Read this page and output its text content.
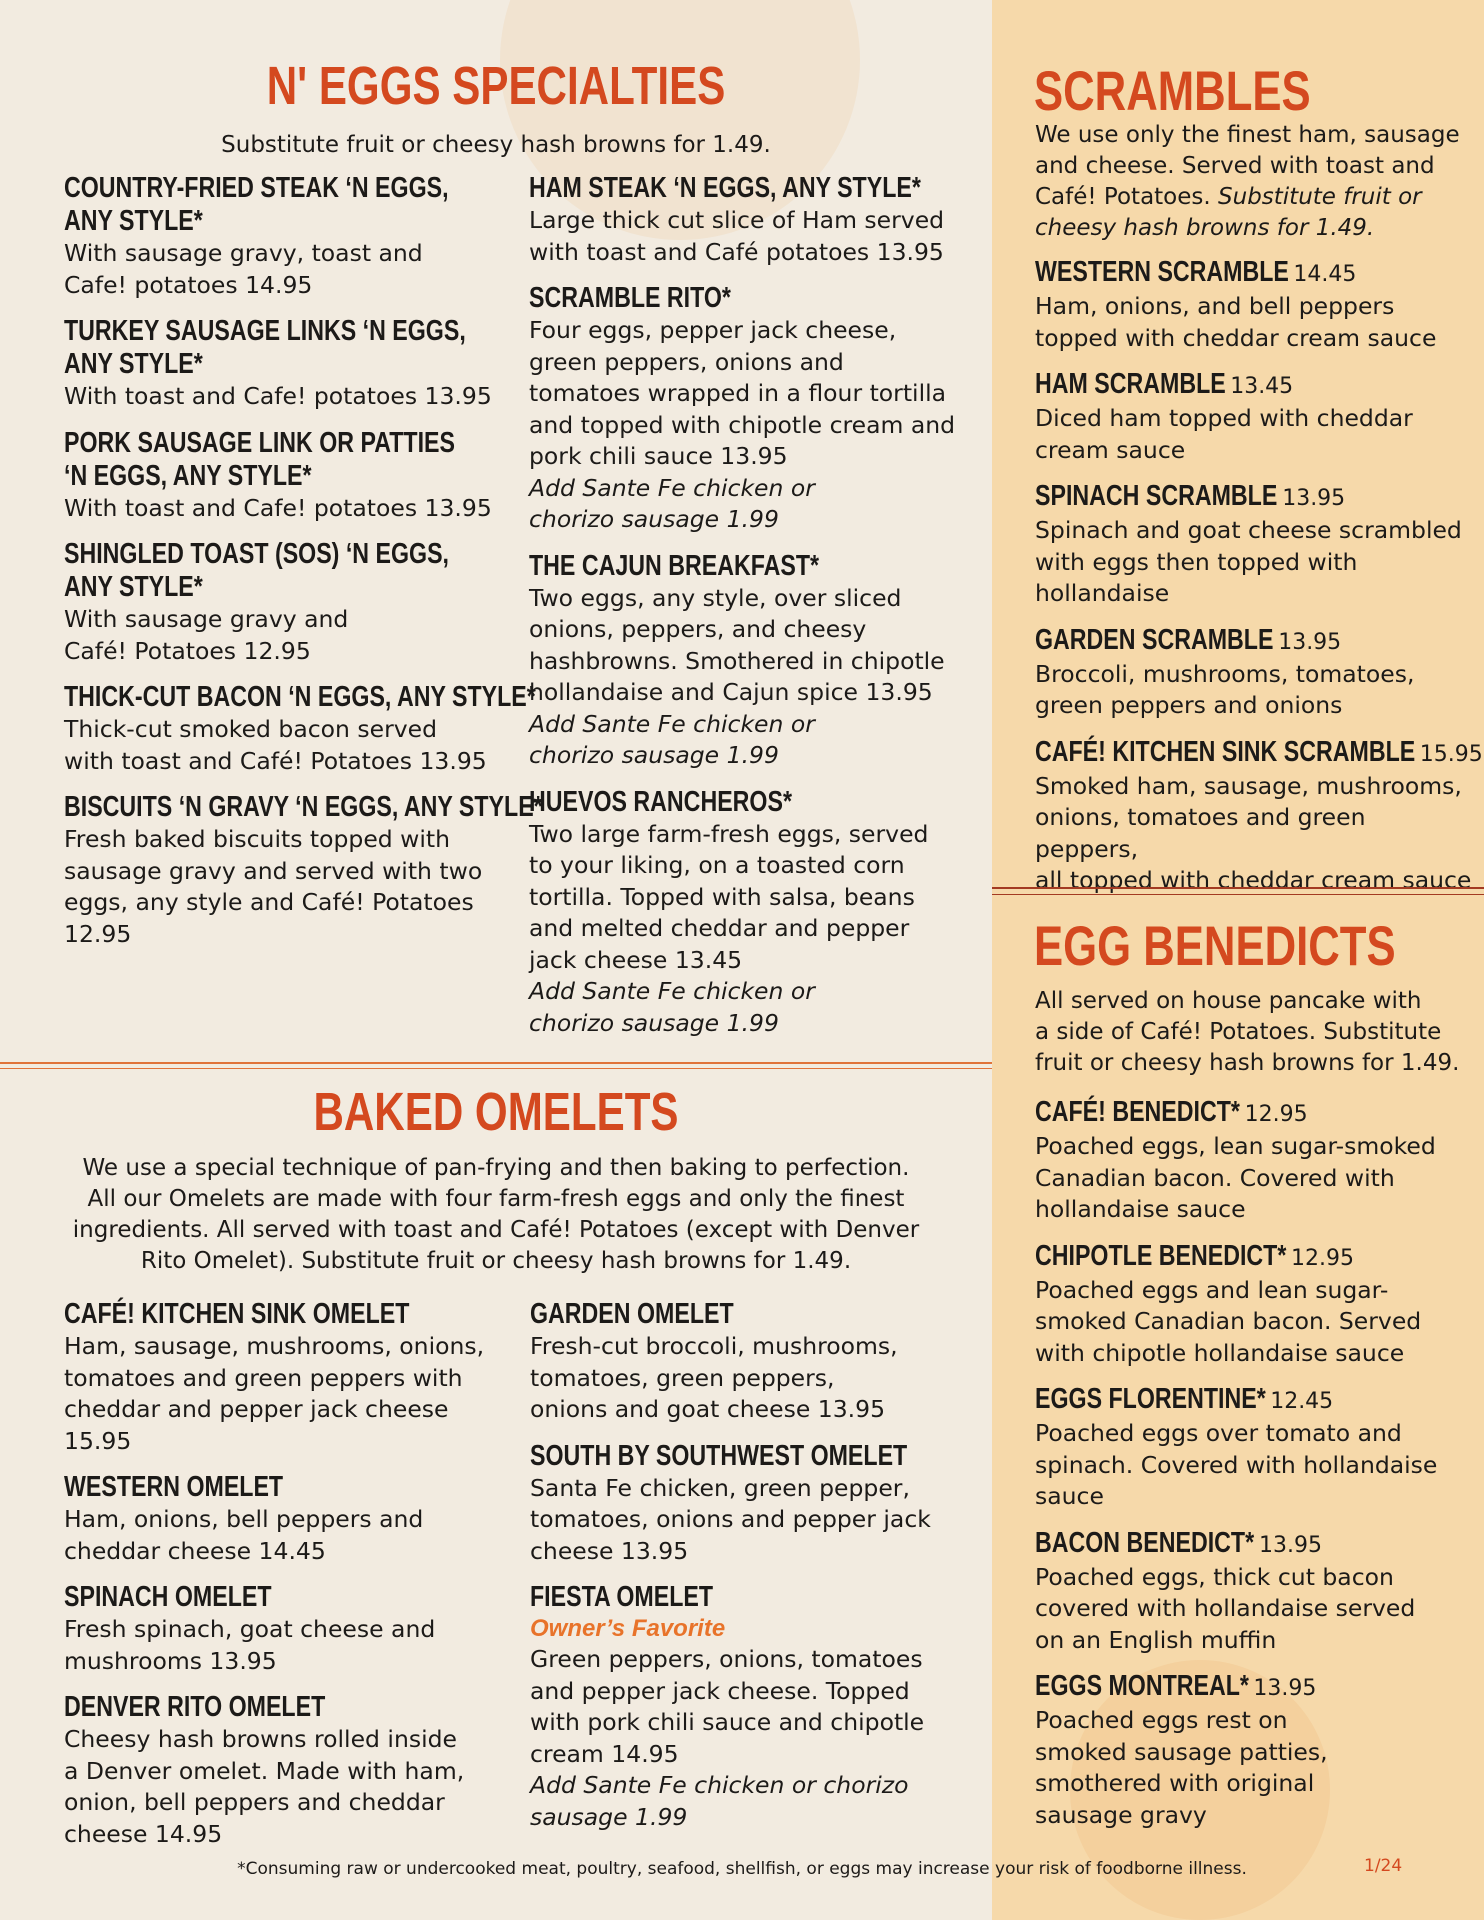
N' EGGS SPECIALTIES
Substitute fruit or cheesy hash browns for 1.49.
COUNTRY-FRIED STEAK ‘N EGGS,ANY STYLE*
With sausage gravy, toast and
Cafe! potatoes 14.95
TURKEY SAUSAGE LINKS ‘N EGGS,ANY STYLE*
With toast and Cafe! potatoes 13.95
PORK SAUSAGE LINK OR PATTIES‘N EGGS, ANY STYLE*
With toast and Cafe! potatoes 13.95
SHINGLED TOAST (SOS) ‘N EGGS,ANY STYLE*
With sausage gravy and
Café! Potatoes 12.95
THICK-CUT BACON ‘N EGGS, ANY STYLE*
Thick-cut smoked bacon served
with toast and Café! Potatoes 13.95
BISCUITS ‘N GRAVY ‘N EGGS, ANY STYLE*
Fresh baked biscuits topped with
sausage gravy and served with two
eggs, any style and Café! Potatoes
12.95
HAM STEAK ‘N EGGS, ANY STYLE*
Large thick cut slice of Ham served
with toast and Café potatoes 13.95
SCRAMBLE RITO*
Four eggs, pepper jack cheese,
green peppers, onions and
tomatoes wrapped in a flour tortilla
and topped with chipotle cream and
pork chili sauce 13.95
Add Sante Fe chicken or
chorizo sausage 1.99
THE CAJUN BREAKFAST*
Two eggs, any style, over sliced
onions, peppers, and cheesy
hashbrowns. Smothered in chipotle
hollandaise and Cajun spice 13.95
Add Sante Fe chicken or
chorizo sausage 1.99
HUEVOS RANCHEROS*
Two large farm-fresh eggs, served
to your liking, on a toasted corn
tortilla. Topped with salsa, beans
and melted cheddar and pepper
jack cheese 13.45
Add Sante Fe chicken or
chorizo sausage 1.99
BAKED OMELETS
We use a special technique of pan-frying and then baking to perfection.
All our Omelets are made with four farm-fresh eggs and only the finest
ingredients. All served with toast and Café! Potatoes (except with Denver
Rito Omelet). Substitute fruit or cheesy hash browns for 1.49.
CAFÉ! KITCHEN SINK OMELET
Ham, sausage, mushrooms, onions,
tomatoes and green peppers with
cheddar and pepper jack cheese
15.95
WESTERN OMELET
Ham, onions, bell peppers and
cheddar cheese 14.45
SPINACH OMELET
Fresh spinach, goat cheese and
mushrooms 13.95
DENVER RITO OMELET
Cheesy hash browns rolled inside
a Denver omelet. Made with ham,
onion, bell peppers and cheddar
cheese 14.95
GARDEN OMELET
Fresh-cut broccoli, mushrooms,
tomatoes, green peppers,
onions and goat cheese 13.95
SOUTH BY SOUTHWEST OMELET
Santa Fe chicken, green pepper,
tomatoes, onions and pepper jack
cheese 13.95
FIESTA OMELET
Owner’s Favorite
Green peppers, onions, tomatoes
and pepper jack cheese. Topped
with pork chili sauce and chipotle
cream 14.95
Add Sante Fe chicken or chorizo
sausage 1.99
SCRAMBLES
We use only the finest ham, sausage
and cheese. Served with toast and
Café! Potatoes. Substitute fruit or
cheesy hash browns for 1.49.
WESTERN SCRAMBLE 14.45
Ham, onions, and bell peppers
topped with cheddar cream sauce
HAM SCRAMBLE 13.45
Diced ham topped with cheddar
cream sauce
SPINACH SCRAMBLE 13.95
Spinach and goat cheese scrambled
with eggs then topped with
hollandaise
GARDEN SCRAMBLE 13.95
Broccoli, mushrooms, tomatoes,
green peppers and onions
CAFÉ! KITCHEN SINK SCRAMBLE 15.95
Smoked ham, sausage, mushrooms,
onions, tomatoes and green peppers,
all topped with cheddar cream sauce
EGG BENEDICTS
All served on house pancake with
a side of Café! Potatoes. Substitute
fruit or cheesy hash browns for 1.49.
CAFÉ! BENEDICT* 12.95
Poached eggs, lean sugar-smoked
Canadian bacon. Covered with
hollandaise sauce
CHIPOTLE BENEDICT* 12.95
Poached eggs and lean sugar-
smoked Canadian bacon. Served
with chipotle hollandaise sauce
EGGS FLORENTINE* 12.45
Poached eggs over tomato and
spinach. Covered with hollandaise
sauce
BACON BENEDICT* 13.95
Poached eggs, thick cut bacon
covered with hollandaise served
on an English muffin
EGGS MONTREAL* 13.95
Poached eggs rest on
smoked sausage patties,
smothered with original
sausage gravy
*Consuming raw or undercooked meat, poultry, seafood, shellfish, or eggs may increase your risk of foodborne illness.	1/24
